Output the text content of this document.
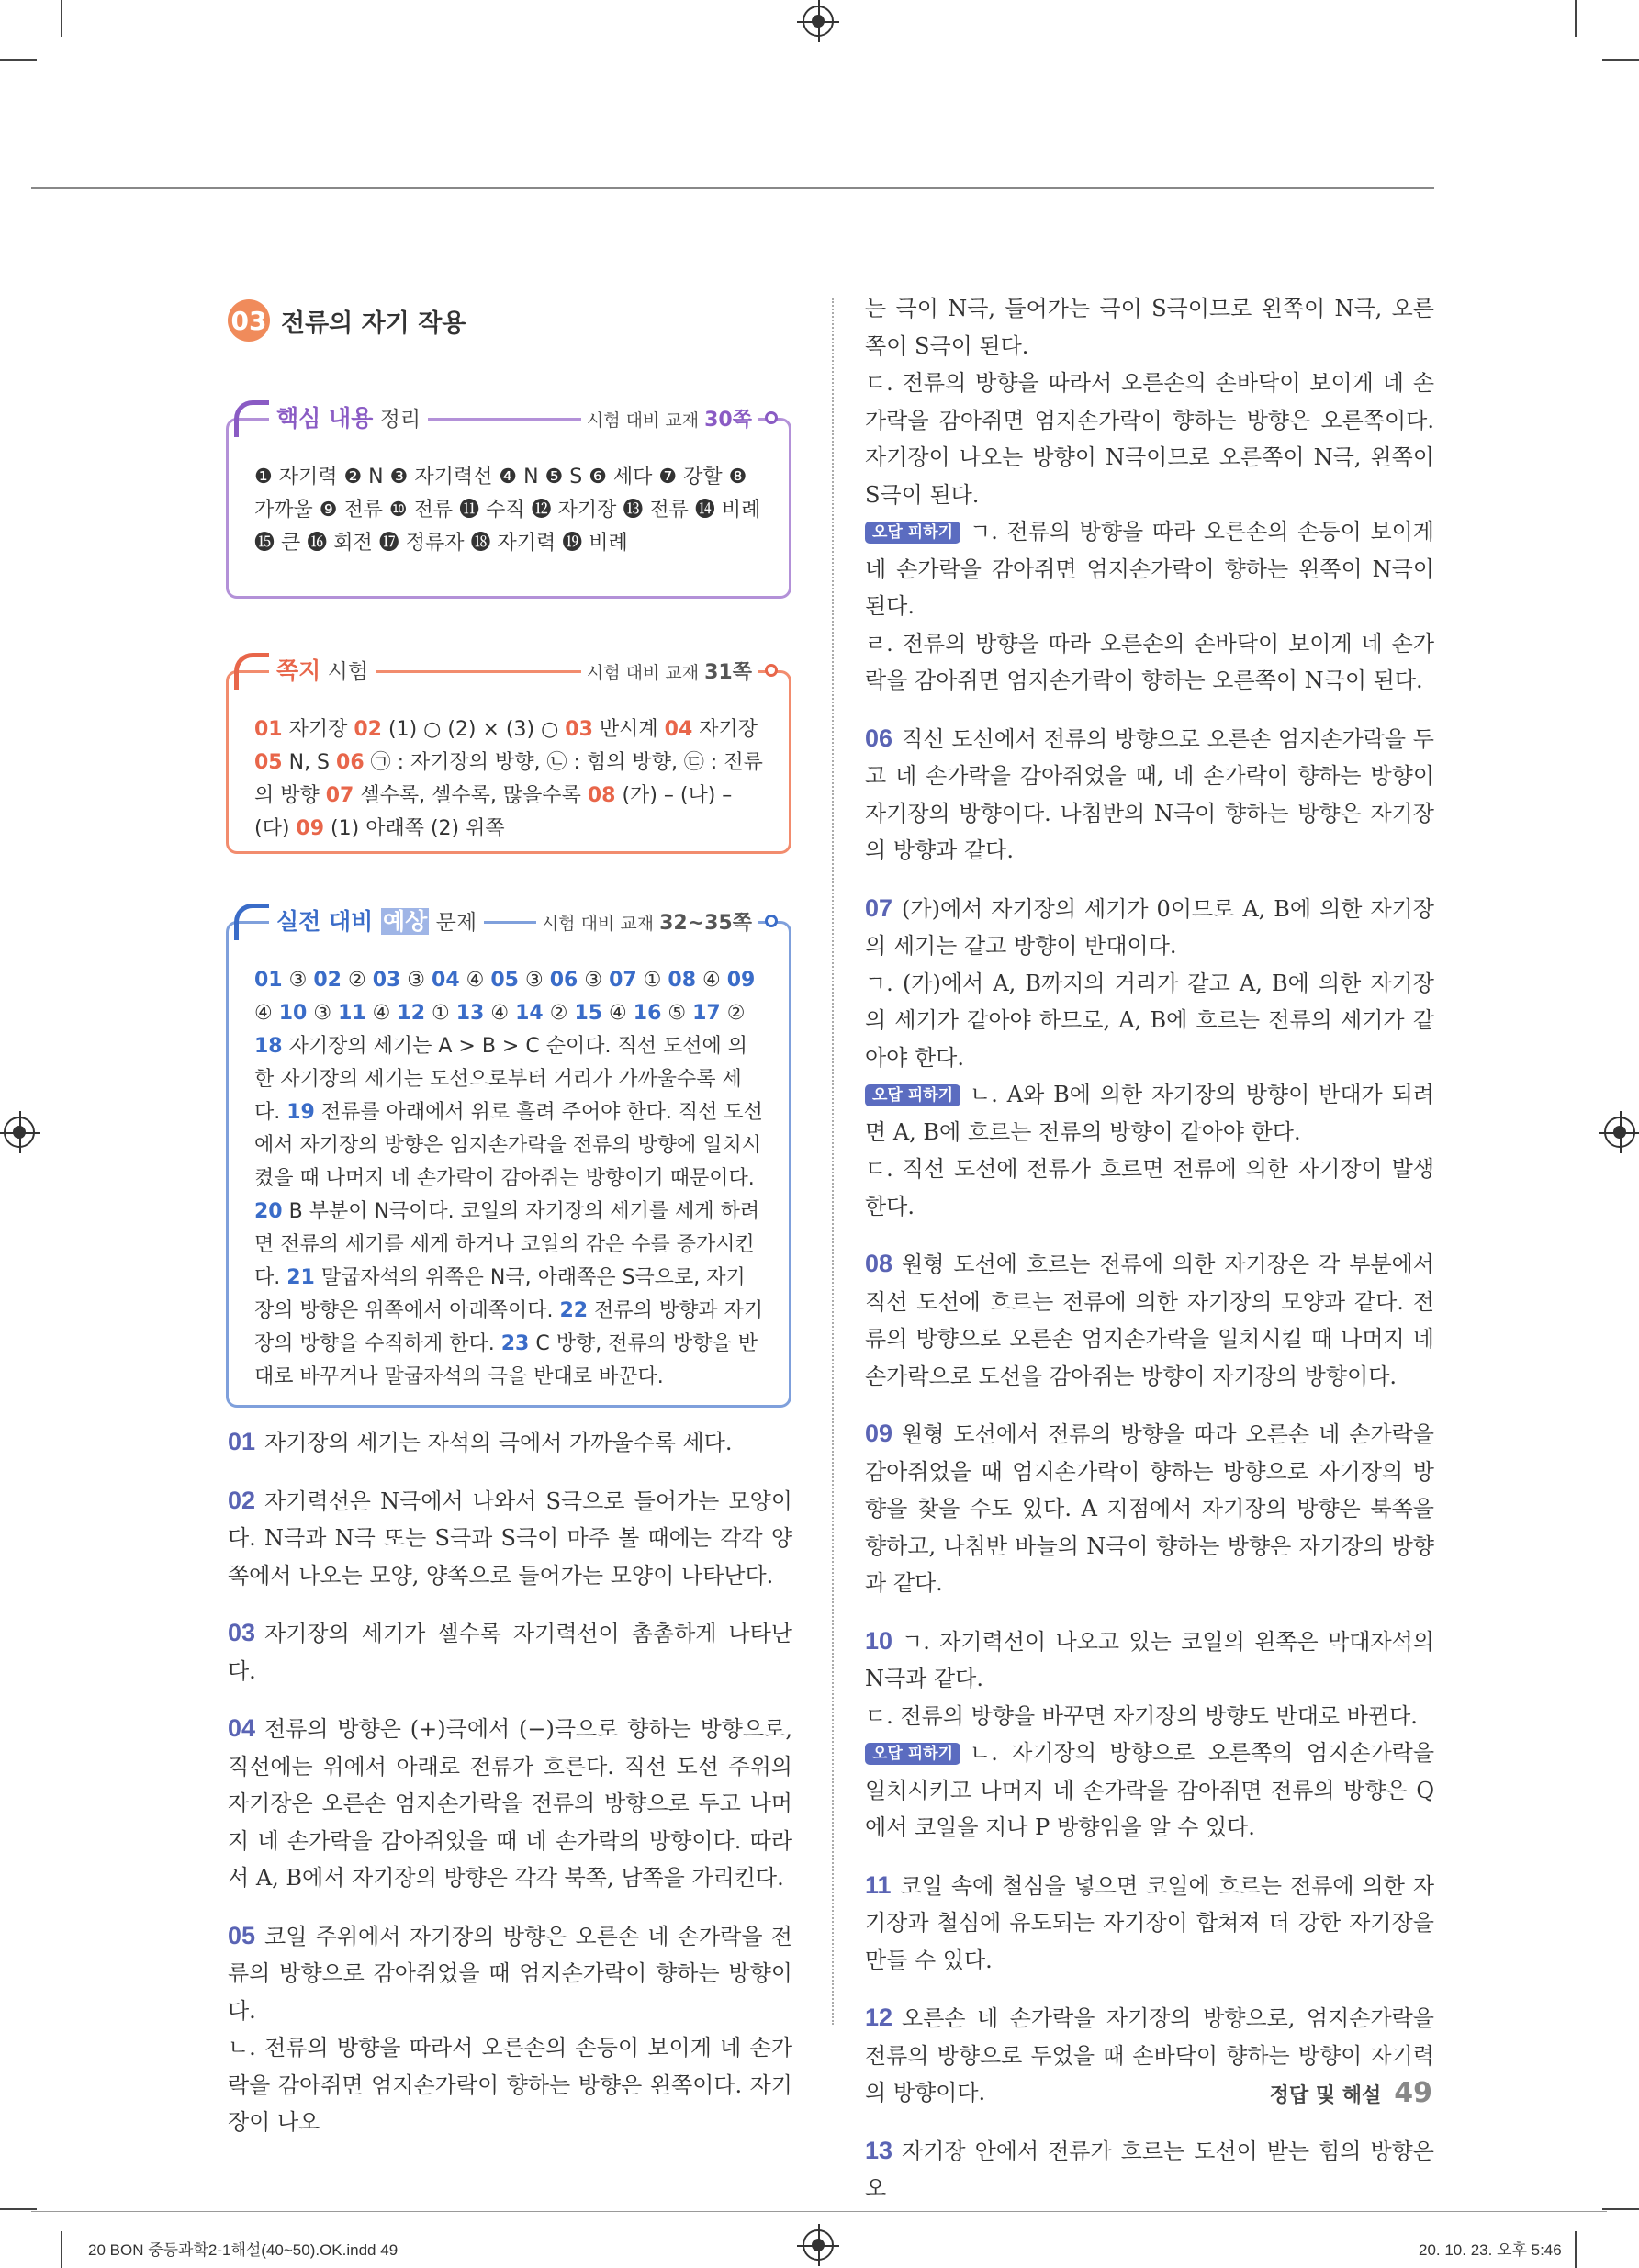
03 전류의 자기 작용
핵심 내용 정리	시험 대비 교재 30쪽
❶ 자기력 ❷ N ❸ 자기력선 ❹ N ❺ S ❻ 세다 ❼ 강할 ❽ 가까울 ❾ 전류 ❿ 전류 ⓫ 수직 ⓬ 자기장 ⓭ 전류 ⓮ 비례 ⓯ 큰 ⓰ 회전 ⓱ 정류자 ⓲ 자기력 ⓳ 비례
쪽지 시험	시험 대비 교재 31쪽
01 자기장 02 (1) ○ (2) × (3) ○ 03 반시계 04 자기장 05 N, S 06 ㉠ : 자기장의 방향, ㉡ : 힘의 방향, ㉢ : 전류의 방향 07 셀수록, 셀수록, 많을수록 08 (가) – (나) – (다) 09 (1) 아래쪽 (2) 위쪽
실전 대비 예상 문제	시험 대비 교재 32~35쪽
01 ③ 02 ② 03 ③ 04 ④ 05 ③ 06 ③ 07 ① 08 ④ 09 ④ 10 ③ 11 ④ 12 ① 13 ④ 14 ② 15 ④ 16 ⑤ 17 ② 18 자기장의 세기는 A > B > C 순이다. 직선 도선에 의한 자기장의 세기는 도선으로부터 거리가 가까울수록 세다. 19 전류를 아래에서 위로 흘려 주어야 한다. 직선 도선에서 자기장의 방향은 엄지손가락을 전류의 방향에 일치시켰을 때 나머지 네 손가락이 감아쥐는 방향이기 때문이다. 20 B 부분이 N극이다. 코일의 자기장의 세기를 세게 하려면 전류의 세기를 세게 하거나 코일의 감은 수를 증가시킨다. 21 말굽자석의 위쪽은 N극, 아래쪽은 S극으로, 자기장의 방향은 위쪽에서 아래쪽이다. 22 전류의 방향과 자기장의 방향을 수직하게 한다. 23 C 방향, 전류의 방향을 반대로 바꾸거나 말굽자석의 극을 반대로 바꾼다.

01 자기장의 세기는 자석의 극에서 가까울수록 세다.

02 자기력선은 N극에서 나와서 S극으로 들어가는 모양이다. N극과 N극 또는 S극과 S극이 마주 볼 때에는 각각 양쪽에서 나오는 모양, 양쪽으로 들어가는 모양이 나타난다.

03 자기장의 세기가 셀수록 자기력선이 촘촘하게 나타난다.

04 전류의 방향은 (+)극에서 (−)극으로 향하는 방향으로, 직선에는 위에서 아래로 전류가 흐른다. 직선 도선 주위의 자기장은 오른손 엄지손가락을 전류의 방향으로 두고 나머지 네 손가락을 감아쥐었을 때 네 손가락의 방향이다. 따라서 A, B에서 자기장의 방향은 각각 북쪽, 남쪽을 가리킨다.

05 코일 주위에서 자기장의 방향은 오른손 네 손가락을 전류의 방향으로 감아쥐었을 때 엄지손가락이 향하는 방향이다.

ㄴ. 전류의 방향을 따라서 오른손의 손등이 보이게 네 손가락을 감아쥐면 엄지손가락이 향하는 방향은 왼쪽이다. 자기장이 나오

는 극이 N극, 들어가는 극이 S극이므로 왼쪽이 N극, 오른쪽이 S극이 된다.

ㄷ. 전류의 방향을 따라서 오른손의 손바닥이 보이게 네 손가락을 감아쥐면 엄지손가락이 향하는 방향은 오른쪽이다. 자기장이 나오는 방향이 N극이므로 오른쪽이 N극, 왼쪽이 S극이 된다.

오답 피하기 ㄱ. 전류의 방향을 따라 오른손의 손등이 보이게 네 손가락을 감아쥐면 엄지손가락이 향하는 왼쪽이 N극이 된다.

ㄹ. 전류의 방향을 따라 오른손의 손바닥이 보이게 네 손가락을 감아쥐면 엄지손가락이 향하는 오른쪽이 N극이 된다.

06 직선 도선에서 전류의 방향으로 오른손 엄지손가락을 두고 네 손가락을 감아쥐었을 때, 네 손가락이 향하는 방향이 자기장의 방향이다. 나침반의 N극이 향하는 방향은 자기장의 방향과 같다.

07 (가)에서 자기장의 세기가 0이므로 A, B에 의한 자기장의 세기는 같고 방향이 반대이다.

ㄱ. (가)에서 A, B까지의 거리가 같고 A, B에 의한 자기장의 세기가 같아야 하므로, A, B에 흐르는 전류의 세기가 같아야 한다.

오답 피하기 ㄴ. A와 B에 의한 자기장의 방향이 반대가 되려면 A, B에 흐르는 전류의 방향이 같아야 한다.

ㄷ. 직선 도선에 전류가 흐르면 전류에 의한 자기장이 발생한다.

08 원형 도선에 흐르는 전류에 의한 자기장은 각 부분에서 직선 도선에 흐르는 전류에 의한 자기장의 모양과 같다. 전류의 방향으로 오른손 엄지손가락을 일치시킬 때 나머지 네 손가락으로 도선을 감아쥐는 방향이 자기장의 방향이다.

09 원형 도선에서 전류의 방향을 따라 오른손 네 손가락을 감아쥐었을 때 엄지손가락이 향하는 방향으로 자기장의 방향을 찾을 수도 있다. A 지점에서 자기장의 방향은 북쪽을 향하고, 나침반 바늘의 N극이 향하는 방향은 자기장의 방향과 같다.

10 ㄱ. 자기력선이 나오고 있는 코일의 왼쪽은 막대자석의 N극과 같다.

ㄷ. 전류의 방향을 바꾸면 자기장의 방향도 반대로 바뀐다.

오답 피하기 ㄴ. 자기장의 방향으로 오른쪽의 엄지손가락을 일치시키고 나머지 네 손가락을 감아쥐면 전류의 방향은 Q에서 코일을 지나 P 방향임을 알 수 있다.

11 코일 속에 철심을 넣으면 코일에 흐르는 전류에 의한 자기장과 철심에 유도되는 자기장이 합쳐져 더 강한 자기장을 만들 수 있다.

12 오른손 네 손가락을 자기장의 방향으로, 엄지손가락을 전류의 방향으로 두었을 때 손바닥이 향하는 방향이 자기력의 방향이다.

13 자기장 안에서 전류가 흐르는 도선이 받는 힘의 방향은 오

정답 및 해설 49
20 BON 중등과학2-1해설(40~50).OK.indd 49	20. 10. 23. 오후 5:46
